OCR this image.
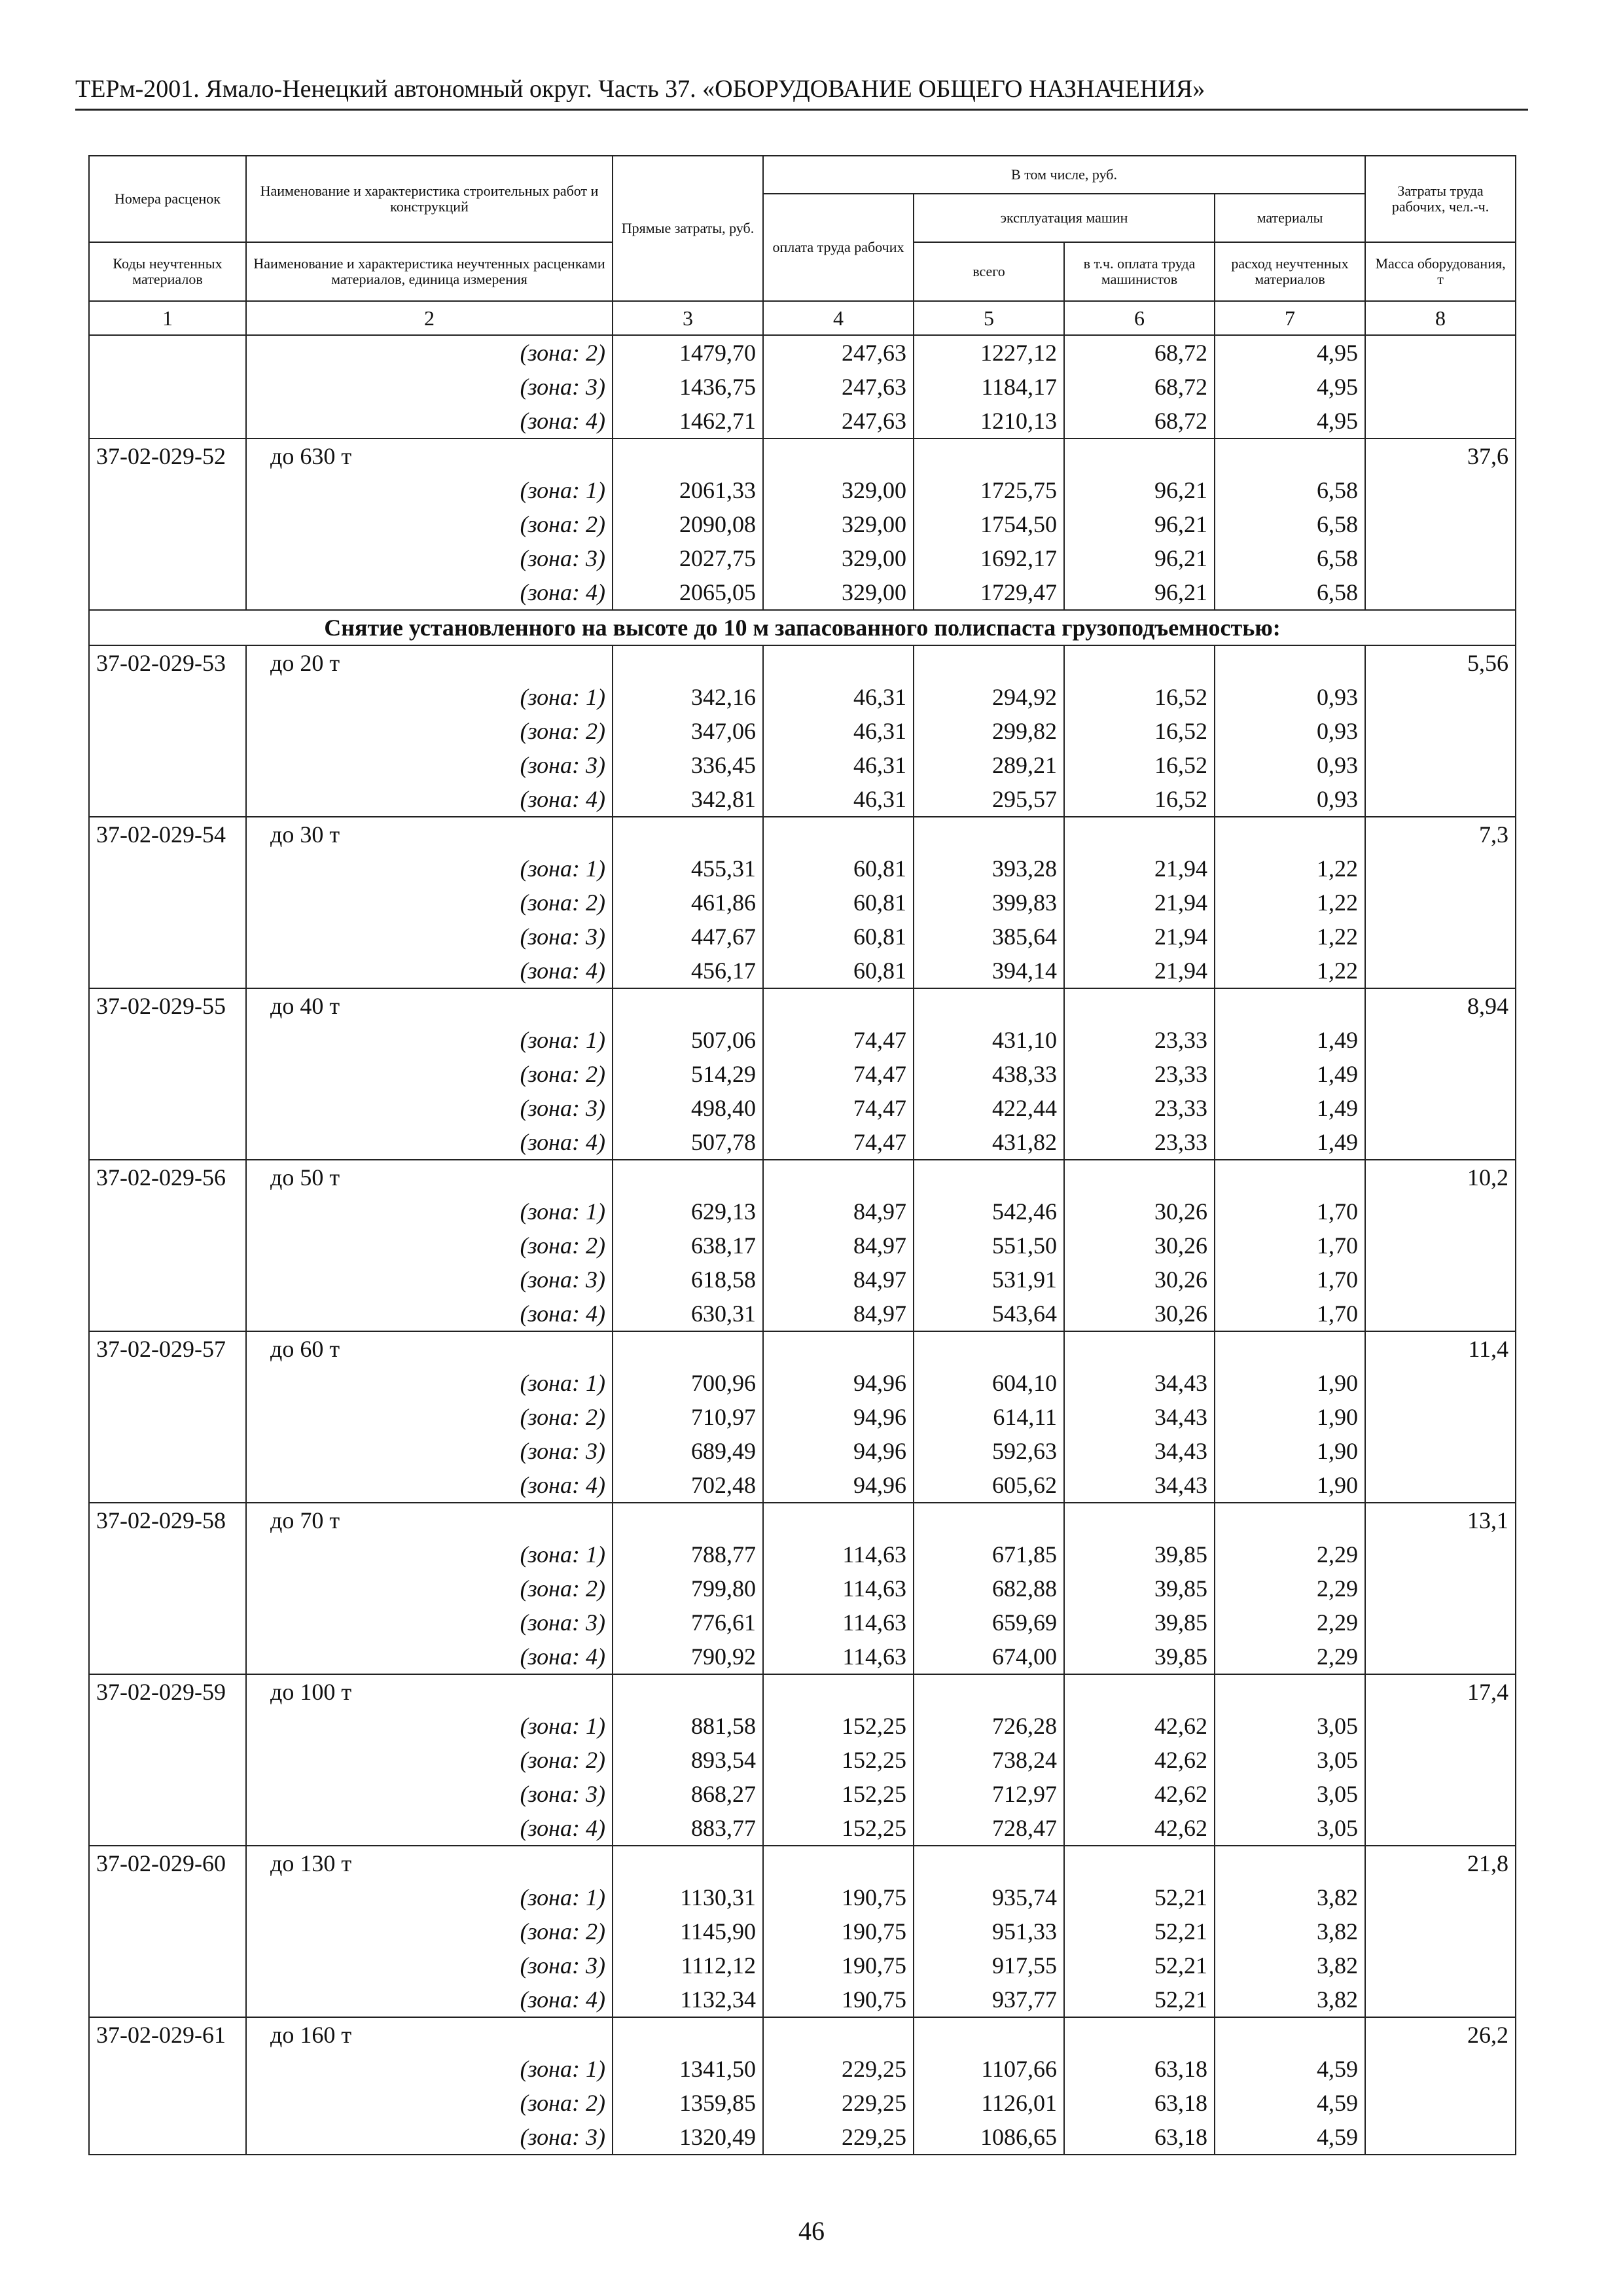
ТЕРм-2001. Ямало-Ненецкий автономный округ. Часть 37. «ОБОРУДОВАНИЕ ОБЩЕГО НАЗНАЧЕНИЯ»
Номера расценок	Наименование и характеристика строительных работ и конструкций	Прямые затраты, руб.	В том числе, руб.				Затраты труда рабочих, чел.-ч.
			оплата труда рабочих	эксплуатация машин		материалы	
Коды неучтенных материалов	Наименование и характеристика неучтенных расценками материалов, единица измерения			всего	в т.ч. оплата труда машинистов	расход неучтенных материалов	Масса оборудования, т
1	2	3	4	5	6	7	8
	(зона: 2)	1479,70	247,63	1227,12	68,72	4,95	
	(зона: 3)	1436,75	247,63	1184,17	68,72	4,95	
	(зона: 4)	1462,71	247,63	1210,13	68,72	4,95	
37-02-029-52	до 630 т						37,6
	(зона: 1)	2061,33	329,00	1725,75	96,21	6,58	
	(зона: 2)	2090,08	329,00	1754,50	96,21	6,58	
	(зона: 3)	2027,75	329,00	1692,17	96,21	6,58	
	(зона: 4)	2065,05	329,00	1729,47	96,21	6,58	
Снятие установленного на высоте до 10 м запасованного полиспаста грузоподъемностью:							
37-02-029-53	до 20 т						5,56
	(зона: 1)	342,16	46,31	294,92	16,52	0,93	
	(зона: 2)	347,06	46,31	299,82	16,52	0,93	
	(зона: 3)	336,45	46,31	289,21	16,52	0,93	
	(зона: 4)	342,81	46,31	295,57	16,52	0,93	
37-02-029-54	до 30 т						7,3
	(зона: 1)	455,31	60,81	393,28	21,94	1,22	
	(зона: 2)	461,86	60,81	399,83	21,94	1,22	
	(зона: 3)	447,67	60,81	385,64	21,94	1,22	
	(зона: 4)	456,17	60,81	394,14	21,94	1,22	
37-02-029-55	до 40 т						8,94
	(зона: 1)	507,06	74,47	431,10	23,33	1,49	
	(зона: 2)	514,29	74,47	438,33	23,33	1,49	
	(зона: 3)	498,40	74,47	422,44	23,33	1,49	
	(зона: 4)	507,78	74,47	431,82	23,33	1,49	
37-02-029-56	до 50 т						10,2
	(зона: 1)	629,13	84,97	542,46	30,26	1,70	
	(зона: 2)	638,17	84,97	551,50	30,26	1,70	
	(зона: 3)	618,58	84,97	531,91	30,26	1,70	
	(зона: 4)	630,31	84,97	543,64	30,26	1,70	
37-02-029-57	до 60 т						11,4
	(зона: 1)	700,96	94,96	604,10	34,43	1,90	
	(зона: 2)	710,97	94,96	614,11	34,43	1,90	
	(зона: 3)	689,49	94,96	592,63	34,43	1,90	
	(зона: 4)	702,48	94,96	605,62	34,43	1,90	
37-02-029-58	до 70 т						13,1
	(зона: 1)	788,77	114,63	671,85	39,85	2,29	
	(зона: 2)	799,80	114,63	682,88	39,85	2,29	
	(зона: 3)	776,61	114,63	659,69	39,85	2,29	
	(зона: 4)	790,92	114,63	674,00	39,85	2,29	
37-02-029-59	до 100 т						17,4
	(зона: 1)	881,58	152,25	726,28	42,62	3,05	
	(зона: 2)	893,54	152,25	738,24	42,62	3,05	
	(зона: 3)	868,27	152,25	712,97	42,62	3,05	
	(зона: 4)	883,77	152,25	728,47	42,62	3,05	
37-02-029-60	до 130 т						21,8
	(зона: 1)	1130,31	190,75	935,74	52,21	3,82	
	(зона: 2)	1145,90	190,75	951,33	52,21	3,82	
	(зона: 3)	1112,12	190,75	917,55	52,21	3,82	
	(зона: 4)	1132,34	190,75	937,77	52,21	3,82	
37-02-029-61	до 160 т						26,2
	(зона: 1)	1341,50	229,25	1107,66	63,18	4,59	
	(зона: 2)	1359,85	229,25	1126,01	63,18	4,59	
	(зона: 3)	1320,49	229,25	1086,65	63,18	4,59	
46
